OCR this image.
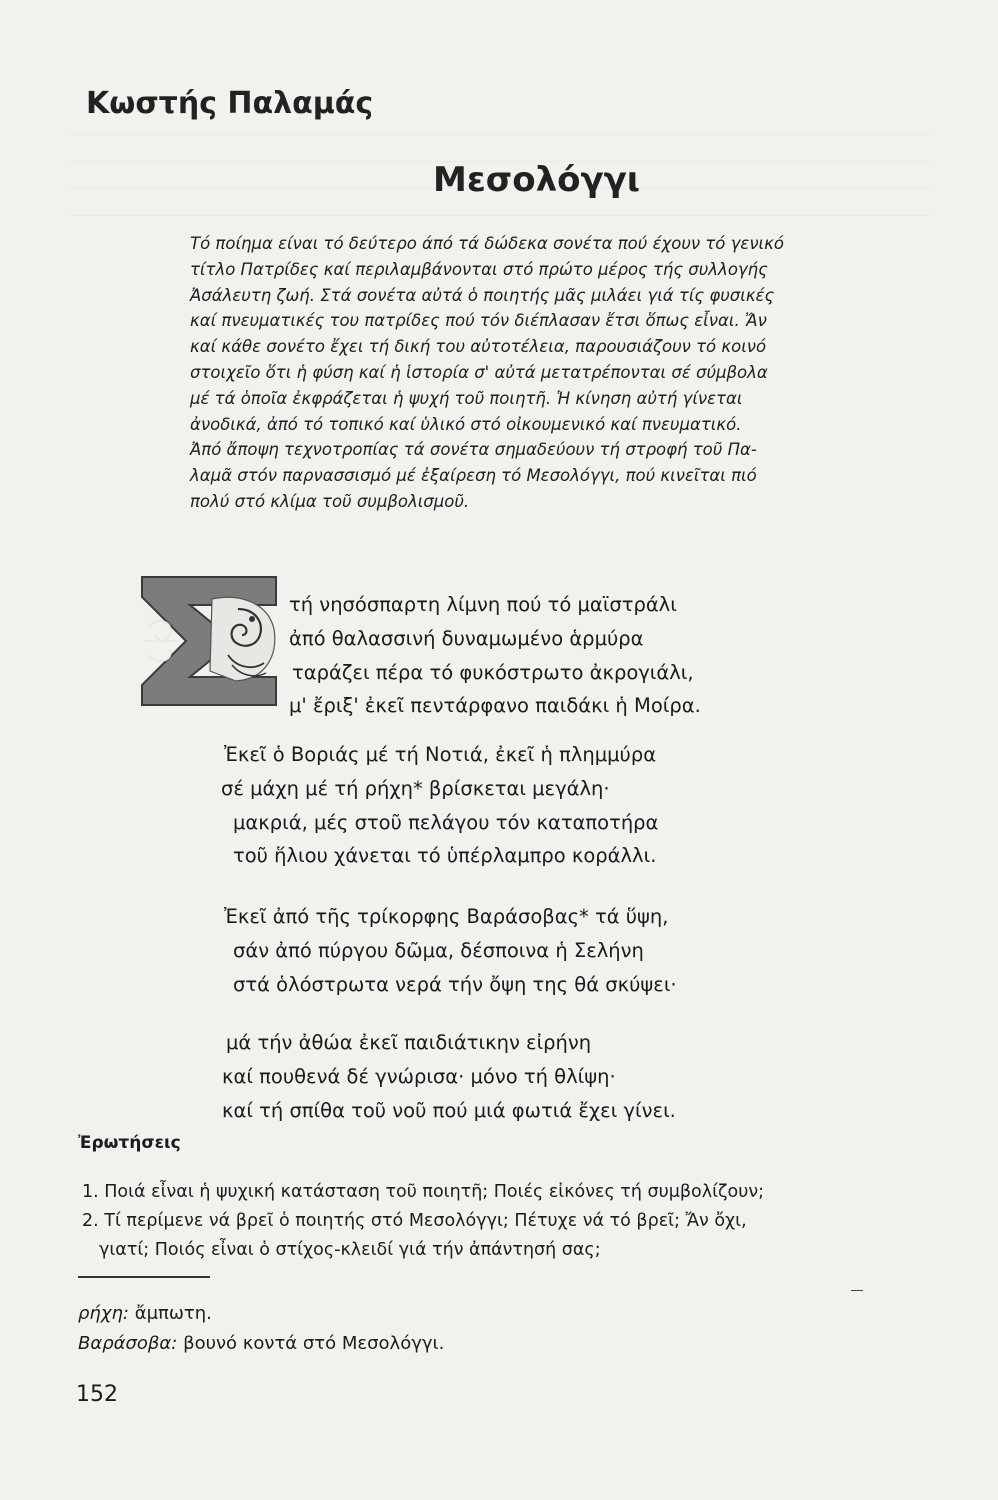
Κωστής Παλαμάς
Μεσολόγγι
Τό ποίημα είναι τό δεύτερο άπό τά δώδεκα σονέτα πού έχουν τό γενικό
τίτλο Πατρίδες καί περιλαμβάνονται στό πρώτο μέρος τής συλλογής
Ἀσάλευτη ζωή. Στά σονέτα αὐτά ὁ ποιητής μᾶς μιλάει γιά τίς φυσικές
καί πνευματικές του πατρίδες πού τόν διέπλασαν ἔτσι ὅπως εἶναι. Ἄν
καί κάθε σονέτο ἔχει τή δική του αὐτοτέλεια, παρουσιάζουν τό κοινό
στοιχεῖο ὅτι ἡ φύση καί ἡ ἱστορία σ' αὐτά μετατρέπονται σέ σύμβολα
μέ τά ὁποῖα ἐκφράζεται ἡ ψυχή τοῦ ποιητῆ. Ἡ κίνηση αὐτή γίνεται
ἀνοδικά, ἀπό τό τοπικό καί ὑλικό στό οἰκουμενικό καί πνευματικό.
Ἀπό ἄποψη τεχνοτροπίας τά σονέτα σημαδεύουν τή στροφή τοῦ Πα-
λαμᾶ στόν παρνασσισμό μέ ἐξαίρεση τό Μεσολόγγι, πού κινεῖται πιό
πολύ στό κλίμα τοῦ συμβολισμοῦ.
τή νησόσπαρτη λίμνη πού τό μαϊστράλι
ἀπό θαλασσινή δυναμωμένο ἁρμύρα
ταράζει πέρα τό φυκόστρωτο ἀκρογιάλι,
μ' ἔριξ' ἐκεῖ πεντάρφανο παιδάκι ἡ Μοίρα.
Ἐκεῖ ὁ Βοριάς μέ τή Νοτιά, ἐκεῖ ἡ πλημμύρα
σέ μάχη μέ τή ρήχη* βρίσκεται μεγάλη·
μακριά, μές στοῦ πελάγου τόν καταποτήρα
τοῦ ἥλιου χάνεται τό ὑπέρλαμπρο κοράλλι.
Ἐκεῖ ἀπό τῆς τρίκορφης Βαράσοβας* τά ὕψη,
σάν ἀπό πύργου δῶμα, δέσποινα ἡ Σελήνη
στά ὁλόστρωτα νερά τήν ὄψη της θά σκύψει·
μά τήν ἀθώα ἐκεῖ παιδιάτικην εἰρήνη
καί πουθενά δέ γνώρισα· μόνο τή θλίψη·
καί τή σπίθα τοῦ νοῦ πού μιά φωτιά ἔχει γίνει.
Ἐρωτήσεις
1. Ποιά εἶναι ἡ ψυχική κατάσταση τοῦ ποιητῆ; Ποιές εἰκόνες τή συμβολίζουν;
2. Τί περίμενε νά βρεῖ ὁ ποιητής στό Μεσολόγγι; Πέτυχε νά τό βρεῖ; Ἄν ὄχι,
γιατί; Ποιός εἶναι ὁ στίχος-κλειδί γιά τήν ἀπάντησή σας;
ρήχη: ἄμπωτη.
Βαράσοβα: βουνό κοντά στό Μεσολόγγι.
152
